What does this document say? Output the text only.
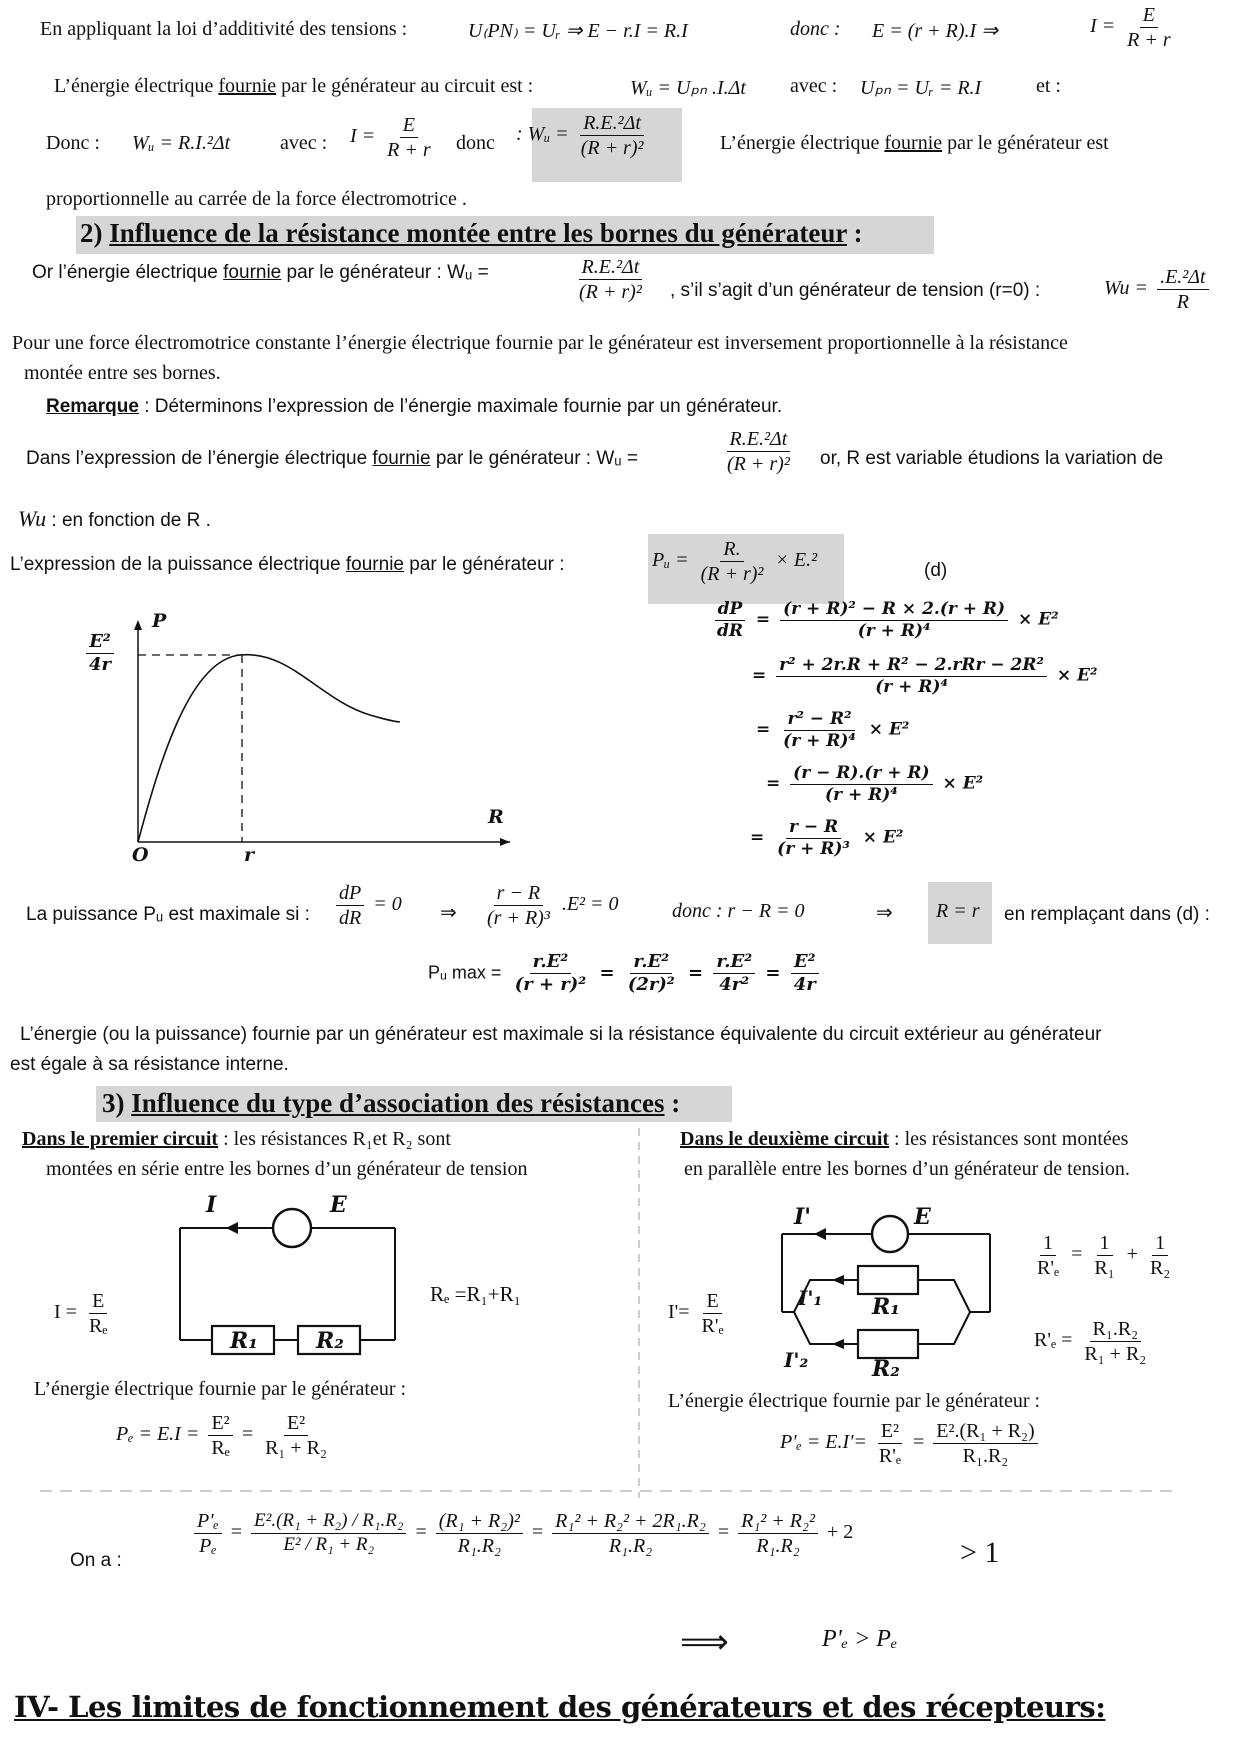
En appliquant la loi d’additivité des tensions :	U₍PN₎ = Uᵣ ⇒ E − r.I = R.I	donc : E = (r + R).I ⇒	$I = \frac{E}{R + r}$
L’énergie électrique fournie par le générateur au circuit est :	Wᵤ = Uₚₙ .I.Δt avec : Uₚₙ = Uᵣ = R.I	et :
Donc : Wᵤ = R.I.²Δt avec : $I = \frac{E}{R + r}$ donc : Wᵤ = $\frac{\text{R.E.²Δt}}{\text{(R + r)²}}$	L’énergie électrique fournie par le générateur est
proportionnelle au carrée de la force électromotrice .
2) Influence de la résistance montée entre les bornes du générateur :
Or l’énergie électrique fournie par le générateur : Wᵤ =	$\frac{\text{R.E.²Δt}}{\text{(R + r)²}}$ , s’il s’agit d’un générateur de tension (r=0) :	$Wu = \frac{\text{.E.²Δt}}{R}$
Pour une force électromotrice constante l’énergie électrique fournie par le générateur est inversement proportionnelle à la résistance
montée entre ses bornes.
Remarque : Déterminons l’expression de l’énergie maximale fournie par un générateur.
Dans l’expression de l’énergie électrique fournie par le générateur : Wᵤ =	$\frac{\text{R.E.²Δt}}{\text{(R + r)²}}$ or, R est variable étudions la variation de
Wu : en fonction de R .
L’expression de la puissance électrique fournie par le générateur :	Pᵤ = $\frac{R.}{\text{(R + r)²}} \times E.^2$	(d)
P
$\frac{\text{E²}}{4r}$
R
O	r
$\frac{dP}{dR} = \frac{\text{(r + R)² − R × 2.(r + R)}}{\text{(r + R)⁴}} \times E^2$
= $\frac{\text{r² + 2r.R + R² − 2.rRr − 2R²}}{\text{(r + R)⁴}} \times E^2$
= $\frac{\text{r² − R²}}{\text{(r + R)⁴}} \times E^2$
= $\frac{(r - R).(r + R)}{\text{(r + R)⁴}} \times E^2$
= $\frac{r - R}{\text{(r + R)³}} \times E^2$
La puissance Pᵤ est maximale si : $\frac{dP}{dR} = 0$ ⇒ $\frac{r - R}{\text{(r + R)³}} .E^2 = 0$	donc : r − R = 0	⇒ R = r en remplaçant dans (d) :
Pᵤ $\max = \frac{\text{r.E²}}{\text{(r + r)²}} = \frac{\text{r.E²}}{\text{(2r)²}} = \frac{\text{r.E²}}{\text{4r²}} = \frac{\text{E²}}{4r}$
L’énergie (ou la puissance) fournie par un générateur est maximale si la résistance équivalente du circuit extérieur au générateur
est égale à sa résistance interne.
3) Influence du type d’association des résistances :
Dans le premier circuit : les résistances R₁et R₂ sont
montées en série entre les bornes d’un générateur de tension
I	E
R₁	R₂
Rₑ =R₁+R₁
$I = \frac{E}{\text{Rₑ}}$
L’énergie électrique fournie par le générateur :
$P_e = E.I = \frac{\text{E²}}{\text{Rₑ}} = \frac{\text{E²}}{\text{R₁ + R₂}}$
Dans le deuxième circuit : les résistances sont montées
en parallèle entre les bornes d’un générateur de tension.
I'	E
I'₁
I'₂
R₁
R₂
$\frac{1}{\text{R'ₑ}} = \frac{1}{\text{R₁}} + \frac{1}{\text{R₂}}$
$R'_e = \frac{\text{R₁.R₂}}{\text{R₁ + R₂}}$
$I'= \frac{E}{\text{R'ₑ}}$
L’énergie électrique fournie par le générateur :
$P'_e = E.I'= \frac{\text{E²}}{\text{R'ₑ}} = \frac{\text{E².(R₁ + R₂)}}{\text{R₁.R₂}}$
On a :
$\frac{\text{P'ₑ}}{\text{Pₑ}} = \frac{\text{E².(R₁ + R₂) / R₁.R₂}}{\text{E² / R₁ + R₂}} = \frac{\text{(R₁ + R₂)²}}{\text{R₁.R₂}} = \frac{\text{R₁² + R₂² + 2R₁.R₂}}{\text{R₁.R₂}} = \frac{\text{R₁² + R₂²}}{\text{R₁.R₂}} + 2$
> 1
⟹	P'ₑ > Pₑ
IV- Les limites de fonctionnement des générateurs et des récepteurs:
